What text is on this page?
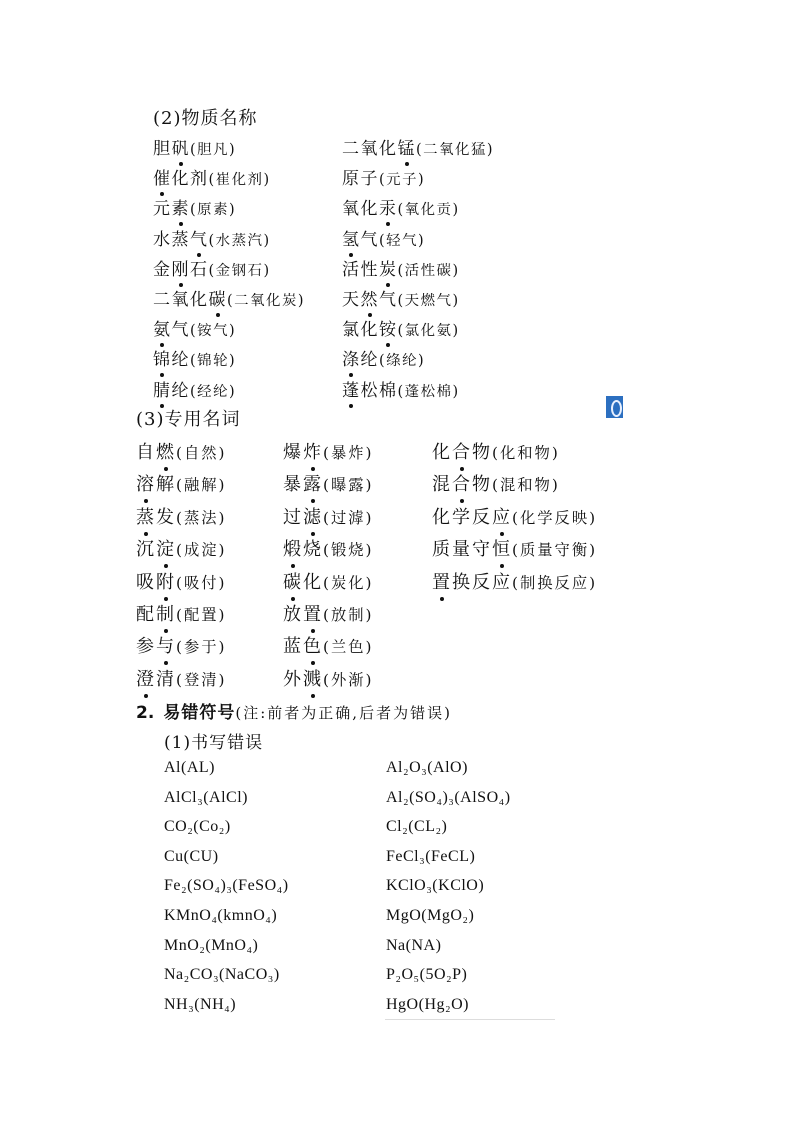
(2)物质名称
胆矾(胆凡)	二氧化锰(二氧化猛)
催化剂(崔化剂)	原子(元子)
元素(原素)	氧化汞(氧化贡)
水蒸气(水蒸汽)	氢气(轻气)
金刚石(金钢石)	活性炭(活性碳)
二氧化碳(二氧化炭) 天然气(天燃气)
氨气(铵气)	氯化铵(氯化氨)
锦纶(锦轮)	涤纶(绦纶)
腈纶(经纶)	蓬松棉(蓬松棉)
(3)专用名词
自燃(自然)	爆炸(暴炸)	化合物(化和物)
溶解(融解)	暴露(曝露)	混合物(混和物)
蒸发(蒸法)	过滤(过滹)	化学反应(化学反映)
沉淀(成淀)	煅烧(锻烧)	质量守恒(质量守衡)
吸附(吸付)	碳化(炭化)	置换反应(制换反应)
配制(配置)	放置(放制)
参与(参于)	蓝色(兰色)
澄清(登清)	外溅(外渐)
2. 易错符号(注:前者为正确,后者为错误)
(1)书写错误
Al(AL)	Al₂O₃(AlO)
AlCl₃(AlCl)	Al₂(SO₄)₃(AlSO₄)
CO₂(Co₂)	Cl₂(CL₂)
Cu(CU)	FeCl₃(FeCL)
Fe₂(SO₄)₃(FeSO₄)	KClO₃(KClO)
KMnO₄(kmnO₄)	MgO(MgO₂)
MnO₂(MnO₄)	Na(NA)
Na₂CO₃(NaCO₃)	P₂O₅(5O₂P)
NH₃(NH₄)	HgO(Hg₂O)
